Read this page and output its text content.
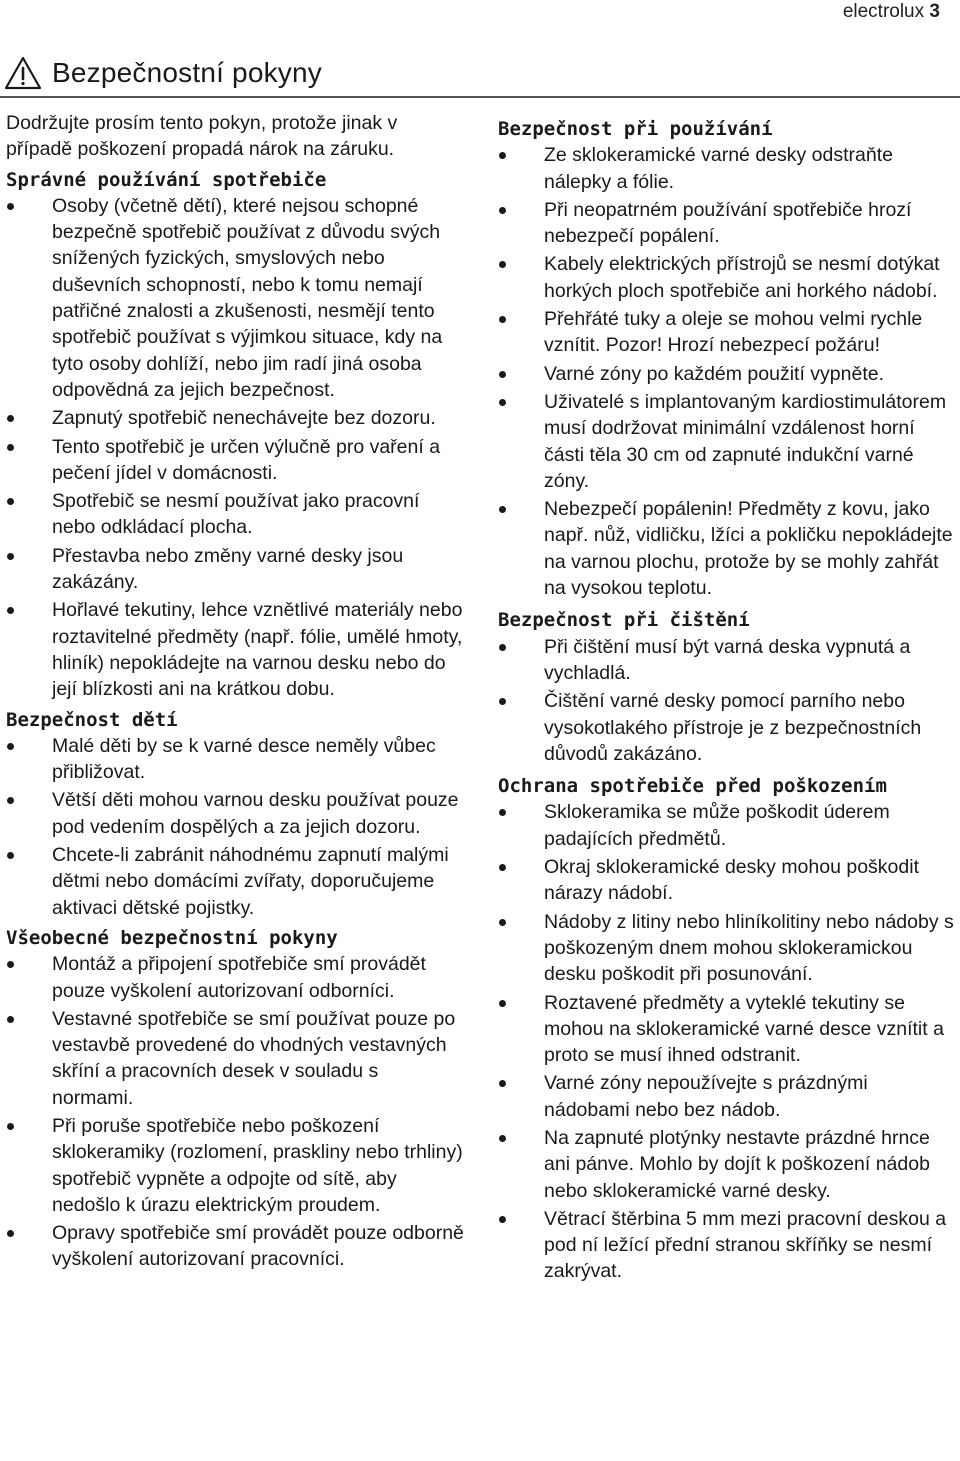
electrolux 3
Bezpečnostní pokyny

Dodržujte prosím tento pokyn, protože jinak v případě poškození propadá nárok na záruku.

Správné používání spotřebiče
Osoby (včetně dětí), které nejsou schopné bezpečně spotřebič používat z důvodu svých snížených fyzických, smyslových nebo duševních schopností, nebo k tomu nemají patřičné znalosti a zkušenosti, nesmějí tento spotřebič používat s výjimkou situace, kdy na tyto osoby dohlíží, nebo jim radí jiná osoba odpovědná za jejich bezpečnost.
Zapnutý spotřebič nenechávejte bez dozoru.
Tento spotřebič je určen výlučně pro vaření a pečení jídel v domácnosti.
Spotřebič se nesmí používat jako pracovní nebo odkládací plocha.
Přestavba nebo změny varné desky jsou zakázány.
Hořlavé tekutiny, lehce vznětlivé materiály nebo roztavitelné předměty (např. fólie, umělé hmoty, hliník) nepokládejte na varnou desku nebo do její blízkosti ani na krátkou dobu.
Bezpečnost dětí
Malé děti by se k varné desce neměly vůbec přibližovat.
Větší děti mohou varnou desku používat pouze pod vedením dospělých a za jejich dozoru.
Chcete-li zabránit náhodnému zapnutí malými dětmi nebo domácími zvířaty, doporučujeme aktivaci dětské pojistky.
Všeobecné bezpečnostní pokyny
Montáž a připojení spotřebiče smí provádět pouze vyškolení autorizovaní odborníci.
Vestavné spotřebiče se smí používat pouze po vestavbě provedené do vhodných vestavných skříní a pracovních desek v souladu s normami.
Při poruše spotřebiče nebo poškození sklokeramiky (rozlomení, praskliny nebo trhliny) spotřebič vypněte a odpojte od sítě, aby nedošlo k úrazu elektrickým proudem.
Opravy spotřebiče smí provádět pouze odborně vyškolení autorizovaní pracovníci.
Bezpečnost při používání
Ze sklokeramické varné desky odstraňte nálepky a fólie.
Při neopatrném používání spotřebiče hrozí nebezpečí popálení.
Kabely elektrických přístrojů se nesmí dotýkat horkých ploch spotřebiče ani horkého nádobí.
Přehřáté tuky a oleje se mohou velmi rychle vznítit. Pozor! Hrozí nebezpecí požáru!
Varné zóny po každém použití vypněte.
Uživatelé s implantovaným kardiostimulátorem musí dodržovat minimální vzdálenost horní části těla 30 cm od zapnuté indukční varné zóny.
Nebezpečí popálenin! Předměty z kovu, jako např. nůž, vidličku, lžíci a pokličku nepokládejte na varnou plochu, protože by se mohly zahřát na vysokou teplotu.
Bezpečnost při čištění
Při čištění musí být varná deska vypnutá a vychladlá.
Čištění varné desky pomocí parního nebo vysokotlakého přístroje je z bezpečnostních důvodů zakázáno.
Ochrana spotřebiče před poškozením
Sklokeramika se může poškodit úderem padajících předmětů.
Okraj sklokeramické desky mohou poškodit nárazy nádobí.
Nádoby z litiny nebo hliníkolitiny nebo nádoby s poškozeným dnem mohou sklokeramickou desku poškodit při posunování.
Roztavené předměty a vyteklé tekutiny se mohou na sklokeramické varné desce vznítit a proto se musí ihned odstranit.
Varné zóny nepoužívejte s prázdnými nádobami nebo bez nádob.
Na zapnuté plotýnky nestavte prázdné hrnce ani pánve. Mohlo by dojít k poškození nádob nebo sklokeramické varné desky.
Větrací štěrbina 5 mm mezi pracovní deskou a pod ní ležící přední stranou skříňky se nesmí zakrývat.
